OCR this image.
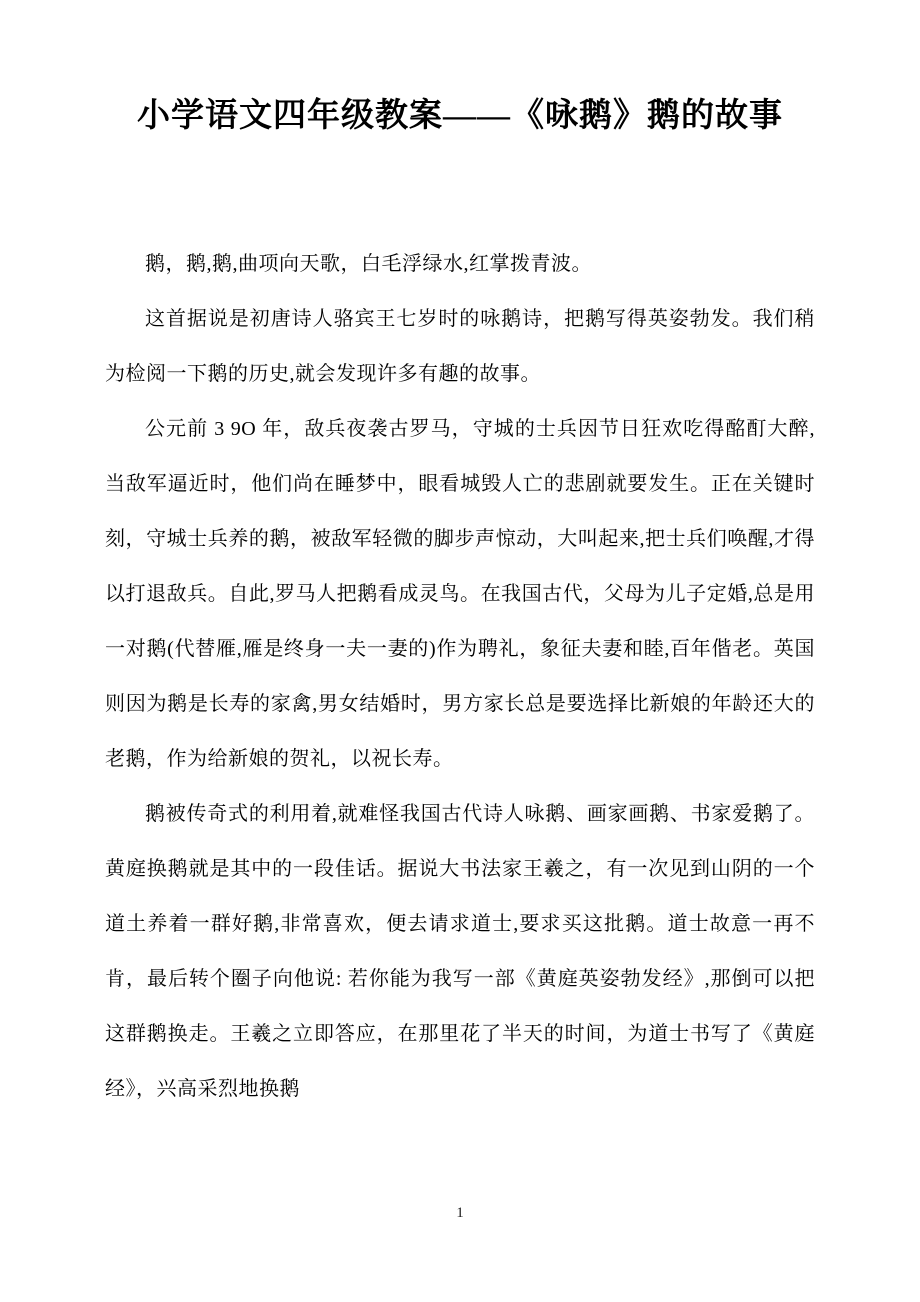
小学语文四年级教案——《咏鹅》鹅的故事

鹅，鹅,鹅,曲项向天歌，白毛浮绿水,红掌拨青波。

这首据说是初唐诗人骆宾王七岁时的咏鹅诗，把鹅写得英姿勃发。我们稍为检阅一下鹅的历史,就会发现许多有趣的故事。

公元前 3 9O 年，敌兵夜袭古罗马，守城的士兵因节日狂欢吃得酩酊大醉,当敌军逼近时，他们尚在睡梦中，眼看城毁人亡的悲剧就要发生。正在关键时刻，守城士兵养的鹅，被敌军轻微的脚步声惊动，大叫起来,把士兵们唤醒,才得以打退敌兵。自此,罗马人把鹅看成灵鸟。在我国古代，父母为儿子定婚,总是用一对鹅(代替雁,雁是终身一夫一妻的)作为聘礼，象征夫妻和睦,百年偕老。英国则因为鹅是长寿的家禽,男女结婚时，男方家长总是要选择比新娘的年龄还大的老鹅，作为给新娘的贺礼，以祝长寿。

鹅被传奇式的利用着,就难怪我国古代诗人咏鹅、画家画鹅、书家爱鹅了。黄庭换鹅就是其中的一段佳话。据说大书法家王羲之，有一次见到山阴的一个道土养着一群好鹅,非常喜欢，便去请求道士,要求买这批鹅。道士故意一再不肯，最后转个圈子向他说: 若你能为我写一部《黄庭英姿勃发经》,那倒可以把这群鹅换走。王羲之立即答应，在那里花了半天的时间，为道士书写了《黄庭经》，兴高采烈地换鹅

1
